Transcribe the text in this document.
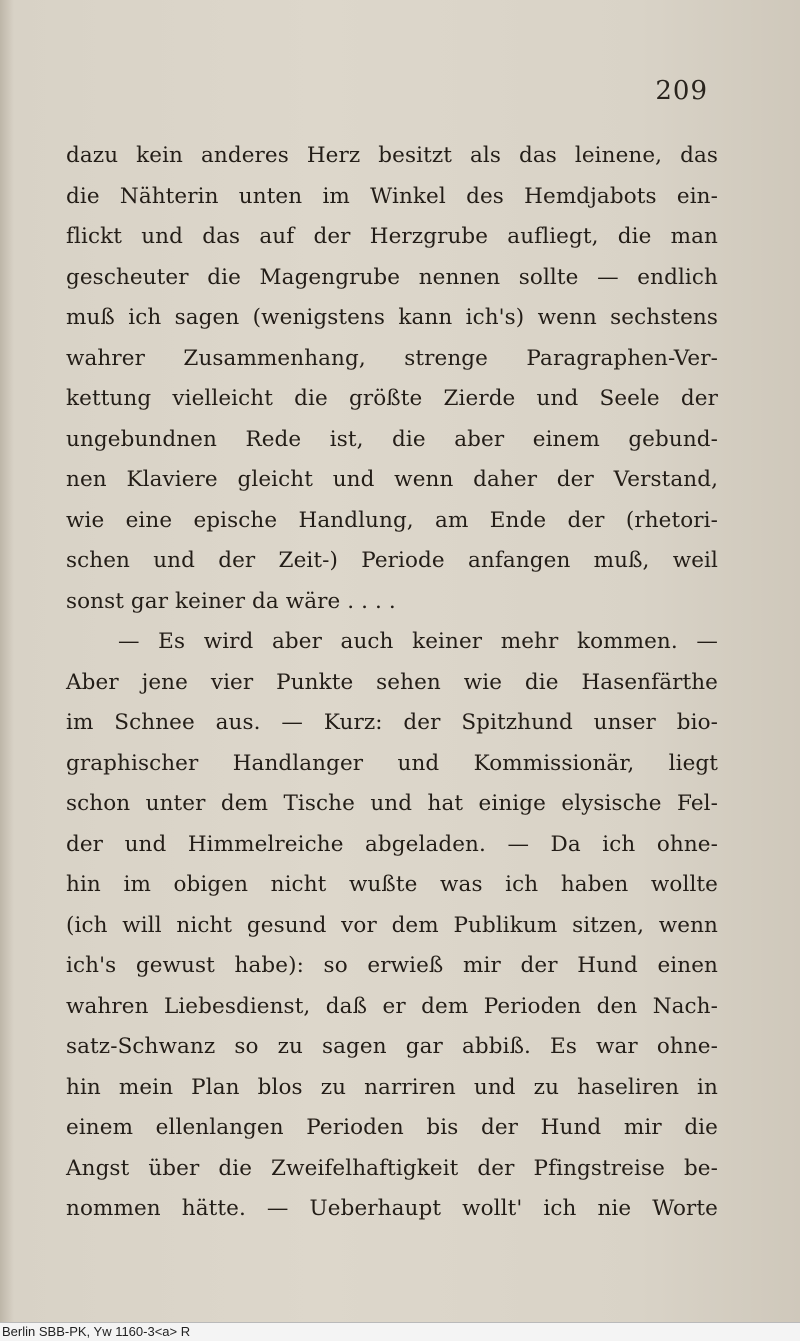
209
dazu kein anderes Herz besitzt als das leinene, das
die Nähterin unten im Winkel des Hemdjabots ein-
flickt und das auf der Herzgrube aufliegt, die man
gescheuter die Magengrube nennen sollte — endlich
muß ich sagen (wenigstens kann ich's) wenn sechstens
wahrer Zusammenhang, strenge Paragraphen-Ver-
kettung vielleicht die größte Zierde und Seele der
ungebundnen Rede ist, die aber einem gebund-
nen Klaviere gleicht und wenn daher der Verstand,
wie eine epische Handlung, am Ende der (rhetori-
schen und der Zeit-) Periode anfangen muß, weil
sonst gar keiner da wäre . . . .
— Es wird aber auch keiner mehr kommen. —
Aber jene vier Punkte sehen wie die Hasenfärthe
im Schnee aus. — Kurz: der Spitzhund unser bio-
graphischer Handlanger und Kommissionär, liegt
schon unter dem Tische und hat einige elysische Fel-
der und Himmelreiche abgeladen. — Da ich ohne-
hin im obigen nicht wußte was ich haben wollte
(ich will nicht gesund vor dem Publikum sitzen, wenn
ich's gewust habe): so erwieß mir der Hund einen
wahren Liebesdienst, daß er dem Perioden den Nach-
satz-Schwanz so zu sagen gar abbiß. Es war ohne-
hin mein Plan blos zu narriren und zu haseliren in
einem ellenlangen Perioden bis der Hund mir die
Angst über die Zweifelhaftigkeit der Pfingstreise be-
nommen hätte. — Ueberhaupt wollt' ich nie Worte
Berlin SBB-PK, Yw 1160-3<a> R
